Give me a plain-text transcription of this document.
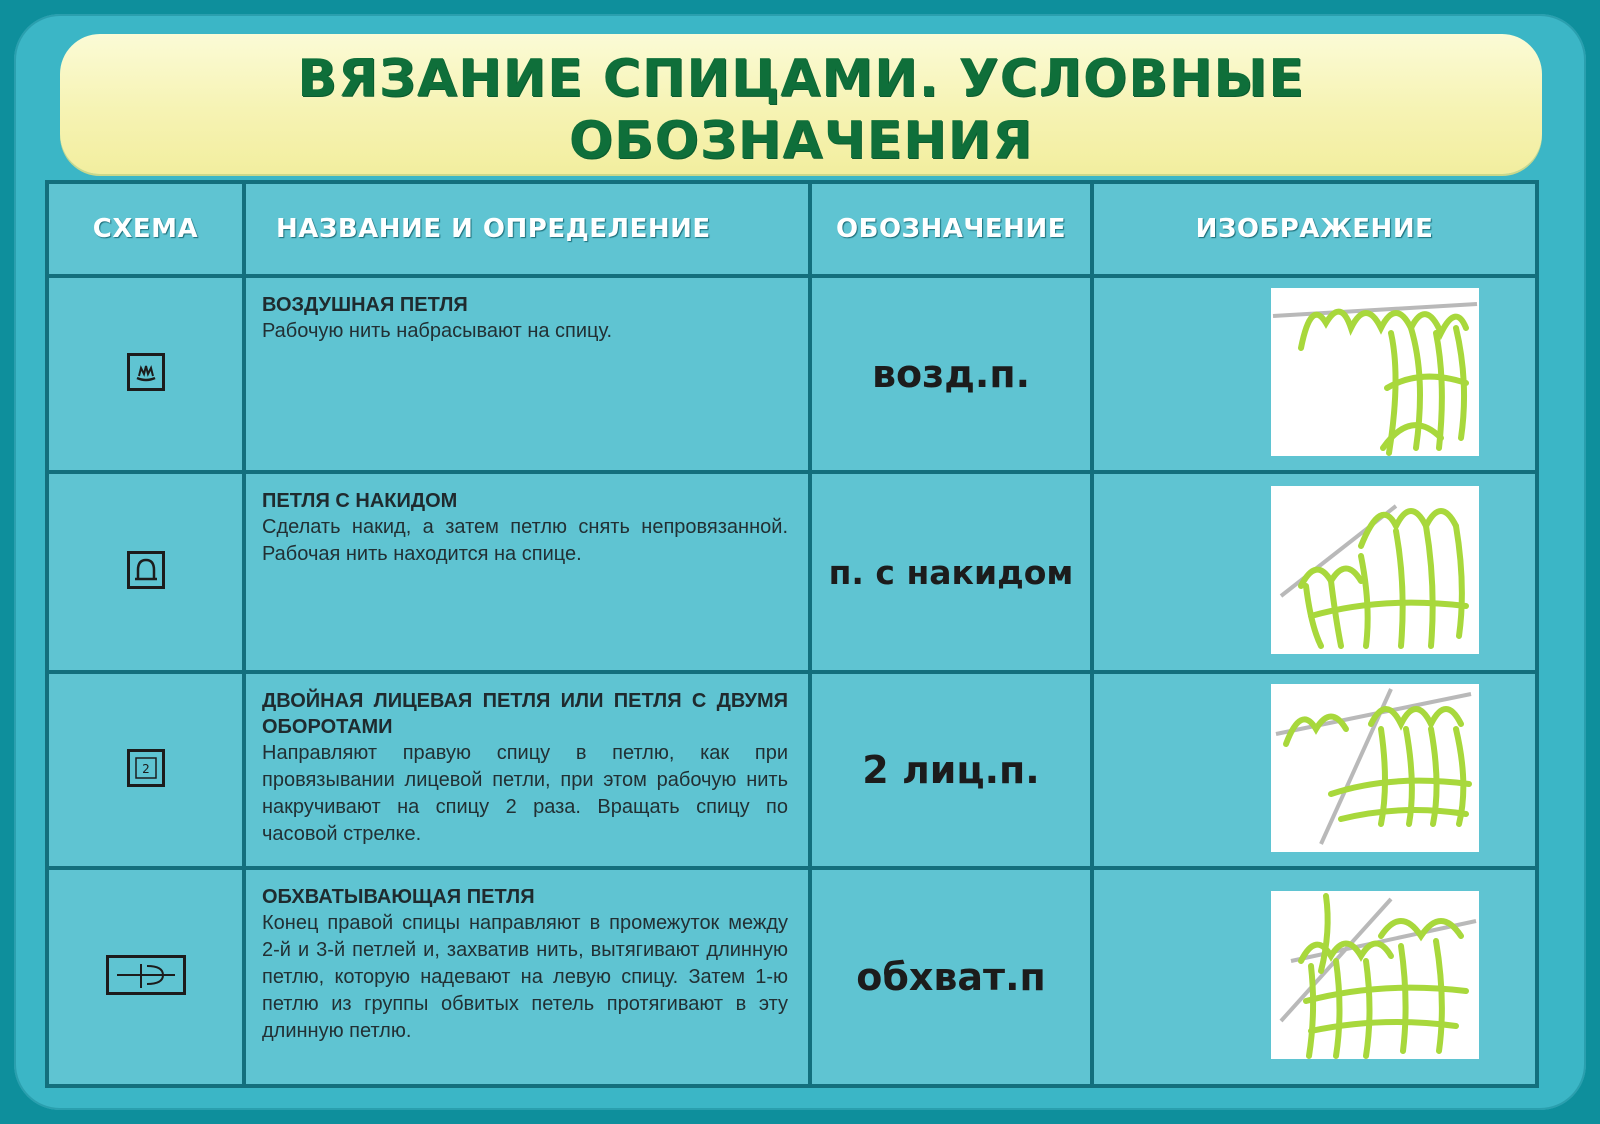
ВЯЗАНИЕ СПИЦАМИ. УСЛОВНЫЕ ОБОЗНАЧЕНИЯ
СХЕМА	НАЗВАНИЕ И ОПРЕДЕЛЕНИЕ	ОБОЗНАЧЕНИЕ	ИЗОБРАЖЕНИЕ

ВОЗДУШНАЯ ПЕТЛЯ
Рабочую нить набрасывают на спицу.	возд.п.	

ПЕТЛЯ С НАКИДОМ
Сделать накид, а затем петлю снять непровязанной. Рабочая нить находится на спице.	п. с накидом	

2	ДВОЙНАЯ ЛИЦЕВАЯ ПЕТЛЯ ИЛИ ПЕТЛЯ С ДВУМЯ ОБОРОТАМИ
Направляют правую спицу в петлю, как при провязывании лицевой петли, при этом рабочую нить накручивают на спицу 2 раза. Вращать спицу по часовой стрелке.	2 лиц.п.	

ОБХВАТЫВАЮЩАЯ ПЕТЛЯ
Конец правой спицы направляют в промежуток между 2-й и 3-й петлей и, захватив нить, вытягивают длинную петлю, которую надевают на левую спицу. Затем 1-ю петлю из группы обвитых петель протягивают в эту длинную петлю.	обхват.п	
